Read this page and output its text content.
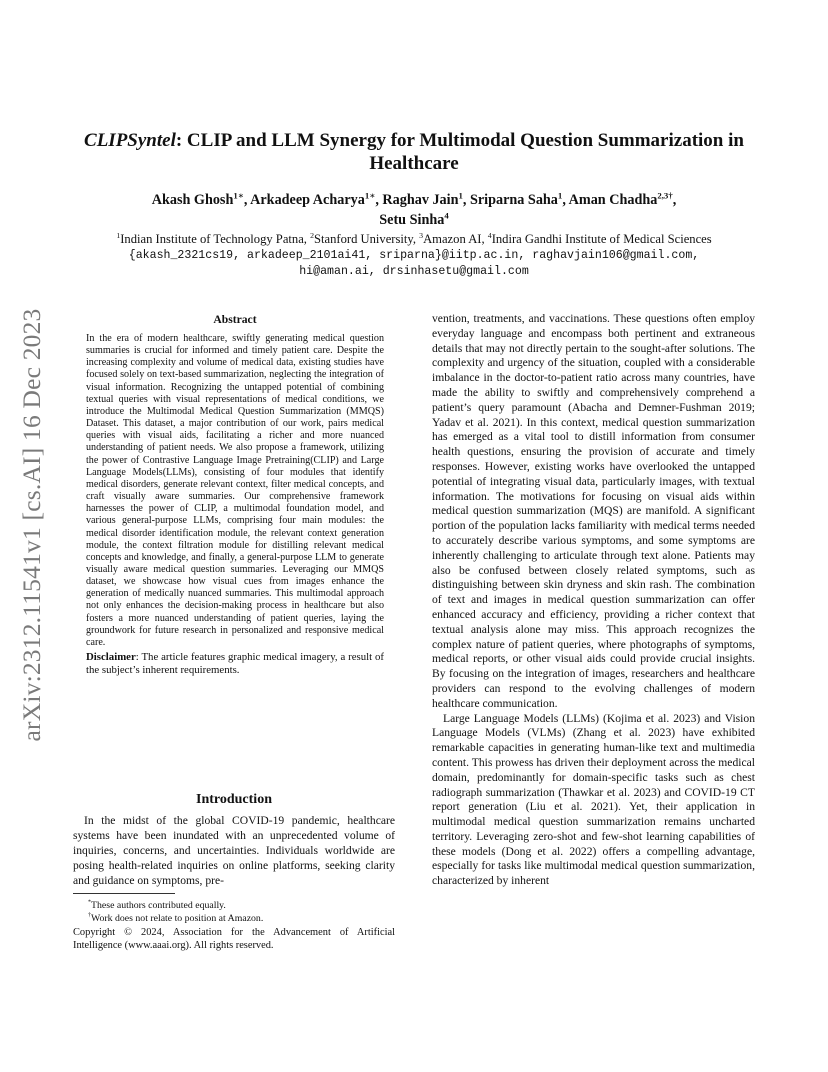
arXiv:2312.11541v1 [cs.AI] 16 Dec 2023
CLIPSyntel: CLIP and LLM Synergy for Multimodal Question Summarization in Healthcare
Akash Ghosh$^{1∗}$, Arkadeep Acharya$^{1∗}$, Raghav Jain$^1$, Sriparna Saha$^1$, Aman Chadha$^{2,3\dagger}$,
Setu Sinha$^4$
$^1$Indian Institute of Technology Patna, $^2$Stanford University, $^3$Amazon AI, $^4$Indira Gandhi Institute of Medical Sciences
{akash_2321cs19, arkadeep_2101ai41, sriparna}@iitp.ac.in, raghavjain106@gmail.com,
hi@aman.ai, drsinhasetu@gmail.com
Abstract

In the era of modern healthcare, swiftly generating medical question summaries is crucial for informed and timely patient care. Despite the increasing complexity and volume of medical data, existing studies have focused solely on text-based summarization, neglecting the integration of visual information. Recognizing the untapped potential of combining textual queries with visual representations of medical conditions, we introduce the Multimodal Medical Question Summarization (MMQS) Dataset. This dataset, a major contribution of our work, pairs medical queries with visual aids, facilitating a richer and more nuanced understanding of patient needs. We also propose a framework, utilizing the power of Contrastive Language Image Pretraining(CLIP) and Large Language Models(LLMs), consisting of four modules that identify medical disorders, generate relevant context, filter medical concepts, and craft visually aware summaries. Our comprehensive framework harnesses the power of CLIP, a multimodal foundation model, and various general-purpose LLMs, comprising four main modules: the medical disorder identification module, the relevant context generation module, the context filtration module for distilling relevant medical concepts and knowledge, and finally, a general-purpose LLM to generate visually aware medical question summaries. Leveraging our MMQS dataset, we showcase how visual cues from images enhance the generation of medically nuanced summaries. This multimodal approach not only enhances the decision-making process in healthcare but also fosters a more nuanced understanding of patient queries, laying the groundwork for future research in personalized and responsive medical care.

Disclaimer: The article features graphic medical imagery, a result of the subject’s inherent requirements.
Introduction

In the midst of the global COVID-19 pandemic, healthcare systems have been inundated with an unprecedented volume of inquiries, concerns, and uncertainties. Individuals worldwide are posing health-related inquiries on online platforms, seeking clarity and guidance on symptoms, pre-

*These authors contributed equally.
†Work does not relate to position at Amazon.
Copyright © 2024, Association for the Advancement of Artificial Intelligence (www.aaai.org). All rights reserved.

vention, treatments, and vaccinations. These questions often employ everyday language and encompass both pertinent and extraneous details that may not directly pertain to the sought-after solutions. The complexity and urgency of the situation, coupled with a considerable imbalance in the doctor-to-patient ratio across many countries, have made the ability to swiftly and comprehensively comprehend a patient’s query paramount (Abacha and Demner-Fushman 2019; Yadav et al. 2021). In this context, medical question summarization has emerged as a vital tool to distill information from consumer health questions, ensuring the provision of accurate and timely responses. However, existing works have overlooked the untapped potential of integrating visual data, particularly images, with textual information. The motivations for focusing on visual aids within medical question summarization (MQS) are manifold. A significant portion of the population lacks familiarity with medical terms needed to accurately describe various symptoms, and some symptoms are inherently challenging to articulate through text alone. Patients may also be confused between closely related symptoms, such as distinguishing between skin dryness and skin rash. The combination of text and images in medical question summarization can offer enhanced accuracy and efficiency, providing a richer context that textual analysis alone may miss. This approach recognizes the complex nature of patient queries, where photographs of symptoms, medical reports, or other visual aids could provide crucial insights. By focusing on the integration of images, researchers and healthcare providers can respond to the evolving challenges of modern healthcare communication.

Large Language Models (LLMs) (Kojima et al. 2023) and Vision Language Models (VLMs) (Zhang et al. 2023) have exhibited remarkable capacities in generating human-like text and multimedia content. This prowess has driven their deployment across the medical domain, predominantly for domain-specific tasks such as chest radiograph summarization (Thawkar et al. 2023) and COVID-19 CT report generation (Liu et al. 2021). Yet, their application in multimodal medical question summarization remains uncharted territory. Leveraging zero-shot and few-shot learning capabilities of these models (Dong et al. 2022) offers a compelling advantage, especially for tasks like multimodal medical question summarization, characterized by inherent
